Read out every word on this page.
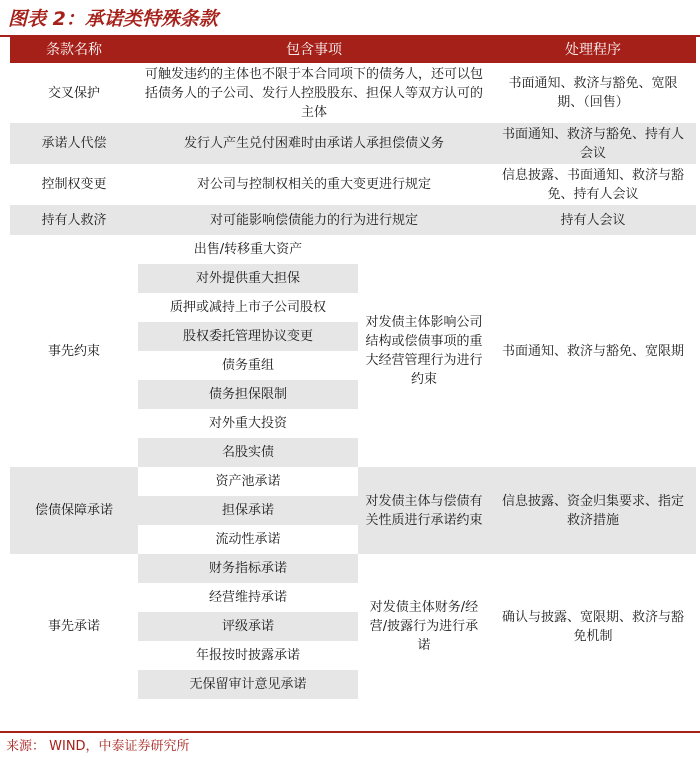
图表 2：承诺类特殊条款
条款名称	包含事项		处理程序
交叉保护	可触发违约的主体也不限于本合同项下的债务人，还可以包括债务人的子公司、发行人控股股东、担保人等双方认可的主体		书面通知、救济与豁免、宽限期、（回售）
承诺人代偿	发行人产生兑付困难时由承诺人承担偿债义务		书面通知、救济与豁免、持有人会议
控制权变更	对公司与控制权相关的重大变更进行规定		信息披露、书面通知、救济与豁免、持有人会议
持有人救济	对可能影响偿债能力的行为进行规定		持有人会议
事先约束	出售/转移重大资产	对发债主体影响公司结构或偿债事项的重大经营管理行为进行约束	书面通知、救济与豁免、宽限期
	对外提供重大担保		
	质押或减持上市子公司股权		
	股权委托管理协议变更		
	债务重组		
	债务担保限制		
	对外重大投资		
	名股实债		
偿债保障承诺	资产池承诺	对发债主体与偿债有关性质进行承诺约束	信息披露、资金归集要求、指定救济措施
	担保承诺		
	流动性承诺		
事先承诺	财务指标承诺	对发债主体财务/经营/披露行为进行承诺	确认与披露、宽限期、救济与豁免机制
	经营维持承诺		
	评级承诺		
	年报按时披露承诺		
	无保留审计意见承诺		
来源： WIND，中泰证券研究所
